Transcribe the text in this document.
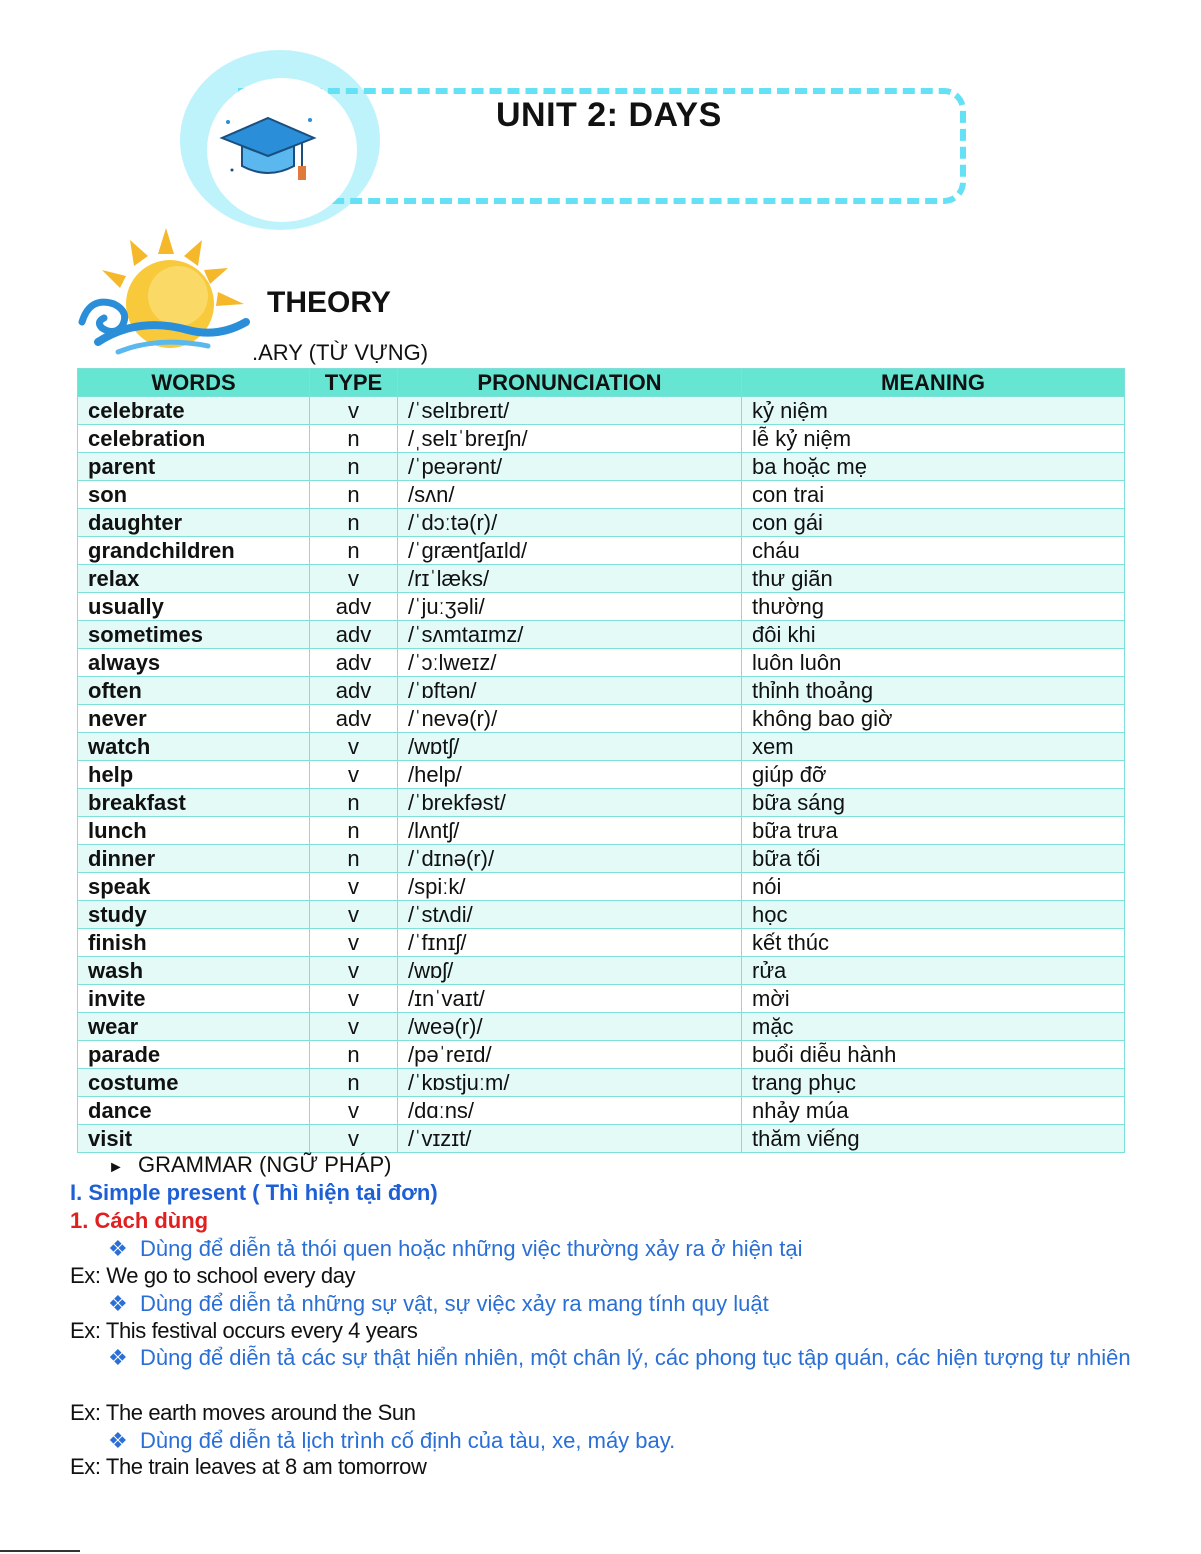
UNIT 2: DAYS
THEORY
.ARY (TỪ VỰNG)
WORDS	TYPE	PRONUNCIATION	MEANING
celebrate	v	/ˈselɪbreɪt/	kỷ niệm
celebration	n	/ˌselɪˈbreɪʃn/	lễ kỷ niệm
parent	n	/ˈpeərənt/	ba hoặc mẹ
son	n	/sʌn/	con trai
daughter	n	/ˈdɔːtə(r)/	con gái
grandchildren	n	/ˈɡræntʃaɪld/	cháu
relax	v	/rɪˈlæks/	thư giãn
usually	adv	/ˈjuːʒəli/	thường
sometimes	adv	/ˈsʌmtaɪmz/	đôi khi
always	adv	/ˈɔːlweɪz/	luôn luôn
often	adv	/ˈɒftən/	thỉnh thoảng
never	adv	/ˈnevə(r)/	không bao giờ
watch	v	/wɒtʃ/	xem
help	v	/help/	giúp đỡ
breakfast	n	/ˈbrekfəst/	bữa sáng
lunch	n	/lʌntʃ/	bữa trưa
dinner	n	/ˈdɪnə(r)/	bữa tối
speak	v	/spiːk/	nói
study	v	/ˈstʌdi/	học
finish	v	/ˈfɪnɪʃ/	kết thúc
wash	v	/wɒʃ/	rửa
invite	v	/ɪnˈvaɪt/	mời
wear	v	/weə(r)/	mặc
parade	n	/pəˈreɪd/	buổi diễu hành
costume	n	/ˈkɒstjuːm/	trang phục
dance	v	/dɑːns/	nhảy múa
visit	v	/ˈvɪzɪt/	thăm viếng
► GRAMMAR (NGỮ PHÁP)
I. Simple present ( Thì hiện tại đơn)
1. Cách dùng
❖ Dùng để diễn tả thói quen hoặc những việc thường xảy ra ở hiện tại
Ex: We go to school every day
❖ Dùng để diễn tả những sự vật, sự việc xảy ra mang tính quy luật
Ex: This festival occurs every 4 years
❖ Dùng để diễn tả các sự thật hiển nhiên, một chân lý, các phong tục tập quán, các hiện tượng tự nhiên
Ex: The earth moves around the Sun
❖ Dùng để diễn tả lịch trình cố định của tàu, xe, máy bay.
Ex: The train leaves at 8 am tomorrow
